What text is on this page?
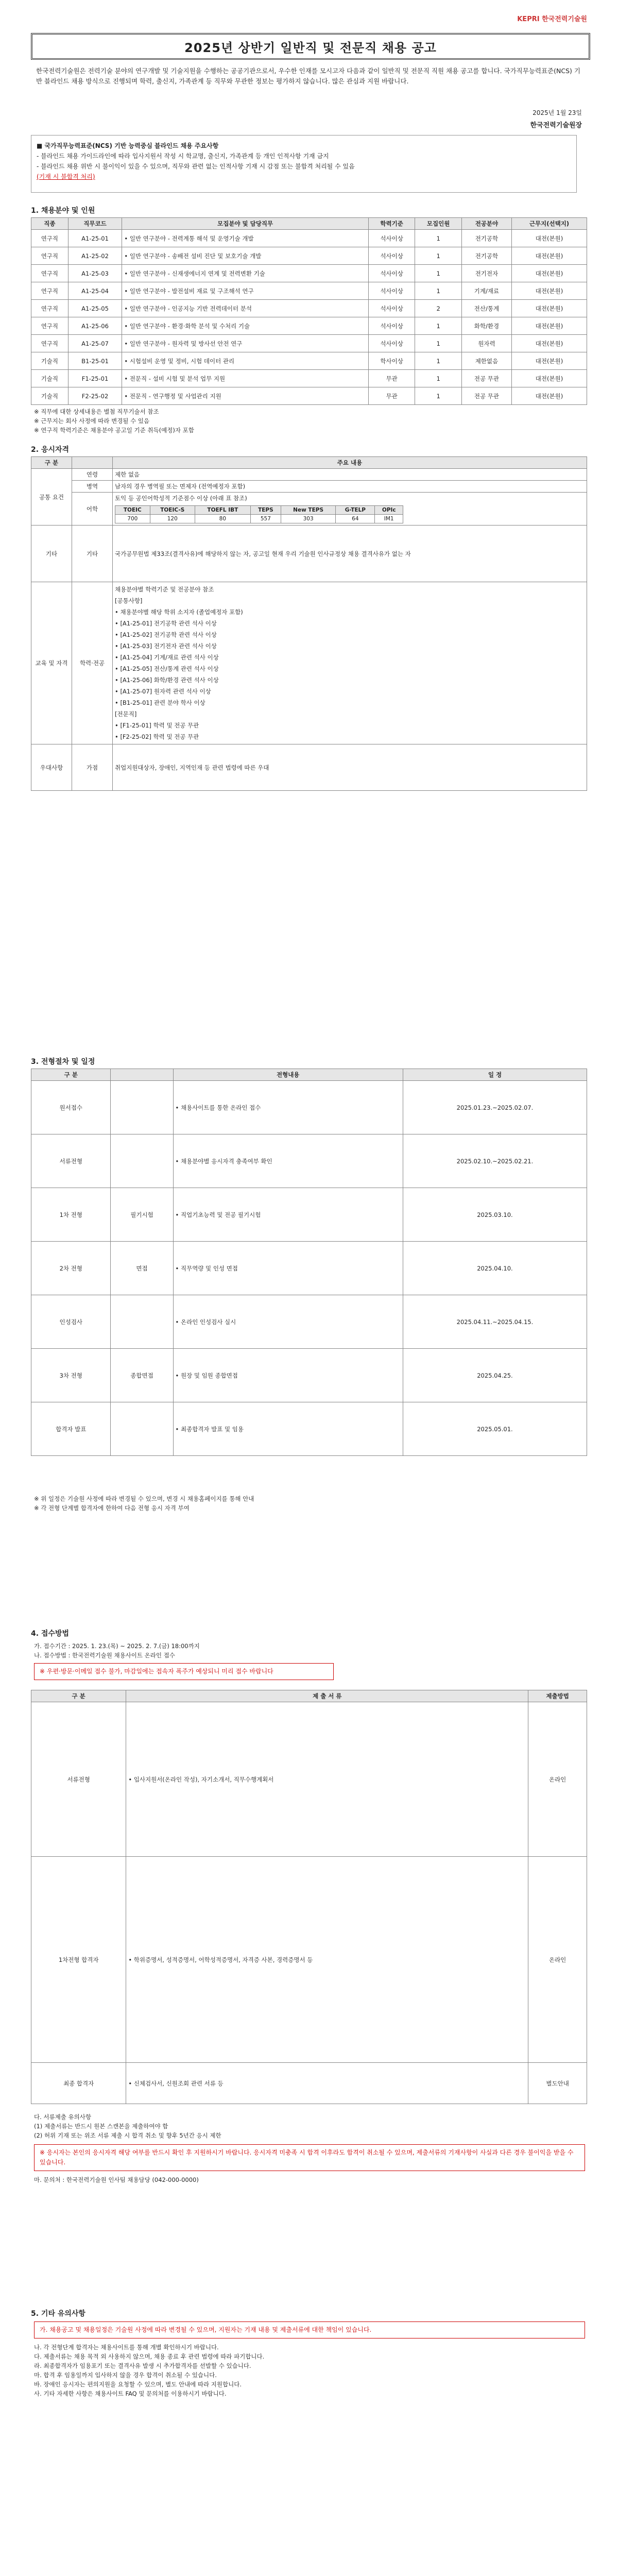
KEPRI 한국전력기술원
2025년 상반기 일반직 및 전문직 채용 공고
한국전력기술원은 전력기술 분야의 연구개발 및 기술지원을 수행하는 공공기관으로서, 우수한 인재를 모시고자 다음과 같이 일반직 및 전문직 직원 채용 공고를 합니다. 국가직무능력표준(NCS) 기반 블라인드 채용 방식으로 진행되며 학력, 출신지, 가족관계 등 직무와 무관한 정보는 평가하지 않습니다. 많은 관심과 지원 바랍니다.
2025년 1월 23일
한국전력기술원장
■ 국가직무능력표준(NCS) 기반 능력중심 블라인드 채용 주요사항
- 블라인드 채용 가이드라인에 따라 입사지원서 작성 시 학교명, 출신지, 가족관계 등 개인 인적사항 기재 금지
- 블라인드 채용 위반 시 불이익이 있을 수 있으며, 직무와 관련 없는 인적사항 기재 시 감점 또는 불합격 처리될 수 있음
(기재 시 불합격 처리)
1. 채용분야 및 인원
직종	직무코드	모집분야 및 담당직무	학력기준	모집인원	전공분야	근무지(선택지)
연구직	A1-25-01	• 일반 연구분야 - 전력계통 해석 및 운영기술 개발	석사이상	1	전기공학	대전(본원)
연구직	A1-25-02	• 일반 연구분야 - 송배전 설비 진단 및 보호기술 개발	석사이상	1	전기공학	대전(본원)
연구직	A1-25-03	• 일반 연구분야 - 신재생에너지 연계 및 전력변환 기술	석사이상	1	전기전자	대전(본원)
연구직	A1-25-04	• 일반 연구분야 - 발전설비 재료 및 구조해석 연구	석사이상	1	기계/재료	대전(본원)
연구직	A1-25-05	• 일반 연구분야 - 인공지능 기반 전력데이터 분석	석사이상	2	전산/통계	대전(본원)
연구직	A1-25-06	• 일반 연구분야 - 환경·화학 분석 및 수처리 기술	석사이상	1	화학/환경	대전(본원)
연구직	A1-25-07	• 일반 연구분야 - 원자력 및 방사선 안전 연구	석사이상	1	원자력	대전(본원)
기술직	B1-25-01	• 시험설비 운영 및 정비, 시험 데이터 관리	학사이상	1	제한없음	대전(본원)
기술직	F1-25-01	• 전문직 - 설비 시험 및 분석 업무 지원	무관	1	전공 무관	대전(본원)
기술직	F2-25-02	• 전문직 - 연구행정 및 사업관리 지원	무관	1	전공 무관	대전(본원)
※ 직무에 대한 상세내용은 별첨 직무기술서 참조
※ 근무지는 회사 사정에 따라 변경될 수 있음
※ 연구직 학력기준은 채용분야 공고일 기준 취득(예정)자 포함
2. 응시자격
구 분		주요 내용
공통 요건	연령	제한 없음
병역	남자의 경우 병역필 또는 면제자 (전역예정자 포함)
어학	
토익 등 공인어학성적 기준점수 이상 (아래 표 참조)
TOEIC	TOEIC-S	TOEFL IBT	TEPS	New TEPS	G-TELP	OPIc
700	120	80	557	303	64	IM1

기타	기타	국가공무원법 제33조(결격사유)에 해당하지 않는 자, 공고일 현재 우리 기술원 인사규정상 채용 결격사유가 없는 자
교육 및 자격	학력·전공	
채용분야별 학력기준 및 전공분야 참조
[공통사항]
• 채용분야별 해당 학위 소지자 (졸업예정자 포함)
• [A1-25-01] 전기공학 관련 석사 이상
• [A1-25-02] 전기공학 관련 석사 이상
• [A1-25-03] 전기전자 관련 석사 이상
• [A1-25-04] 기계/재료 관련 석사 이상
• [A1-25-05] 전산/통계 관련 석사 이상
• [A1-25-06] 화학/환경 관련 석사 이상
• [A1-25-07] 원자력 관련 석사 이상
• [B1-25-01] 관련 분야 학사 이상
[전문직]
• [F1-25-01] 학력 및 전공 무관
• [F2-25-02] 학력 및 전공 무관

우대사항	가점	취업지원대상자, 장애인, 지역인재 등 관련 법령에 따른 우대
3. 전형절차 및 일정
구 분		전형내용	일 정
원서접수		• 채용사이트를 통한 온라인 접수	2025.01.23.~2025.02.07.
서류전형		• 채용분야별 응시자격 충족여부 확인	2025.02.10.~2025.02.21.
1차 전형	필기시험	• 직업기초능력 및 전공 필기시험	2025.03.10.
2차 전형	면접	• 직무역량 및 인성 면접	2025.04.10.
인성검사		• 온라인 인성검사 실시	2025.04.11.~2025.04.15.
3차 전형	종합면접	• 원장 및 임원 종합면접	2025.04.25.
합격자 발표		• 최종합격자 발표 및 임용	2025.05.01.
※ 위 일정은 기술원 사정에 따라 변경될 수 있으며, 변경 시 채용홈페이지를 통해 안내
※ 각 전형 단계별 합격자에 한하여 다음 전형 응시 자격 부여
4. 접수방법
가. 접수기간 : 2025. 1. 23.(목) ~ 2025. 2. 7.(금) 18:00까지
나. 접수방법 : 한국전력기술원 채용사이트 온라인 접수
※ 우편·방문·이메일 접수 불가, 마감일에는 접속자 폭주가 예상되니 미리 접수 바랍니다
구 분	제 출 서 류	제출방법
서류전형	• 입사지원서(온라인 작성), 자기소개서, 직무수행계획서	온라인
1차전형 합격자	• 학위증명서, 성적증명서, 어학성적증명서, 자격증 사본, 경력증명서 등	온라인
최종 합격자	• 신체검사서, 신원조회 관련 서류 등	별도안내
다. 서류제출 유의사항
(1) 제출서류는 반드시 원본 스캔본을 제출하여야 함
(2) 허위 기재 또는 위조 서류 제출 시 합격 취소 및 향후 5년간 응시 제한
※ 응시자는 본인의 응시자격 해당 여부를 반드시 확인 후 지원하시기 바랍니다. 응시자격 미충족 시 합격 이후라도 합격이 취소될 수 있으며, 제출서류의 기재사항이 사실과 다른 경우 불이익을 받을 수 있습니다.
마. 문의처 : 한국전력기술원 인사팀 채용담당 (042-000-0000)
5. 기타 유의사항
가. 채용공고 및 채용일정은 기술원 사정에 따라 변경될 수 있으며, 지원자는 기재 내용 및 제출서류에 대한 책임이 있습니다.
나. 각 전형단계 합격자는 채용사이트를 통해 개별 확인하시기 바랍니다.
다. 제출서류는 채용 목적 외 사용하지 않으며, 채용 종료 후 관련 법령에 따라 파기합니다.
라. 최종합격자가 임용포기 또는 결격사유 발생 시 추가합격자를 선발할 수 있습니다.
마. 합격 후 임용일까지 입사하지 않을 경우 합격이 취소될 수 있습니다.
바. 장애인 응시자는 편의지원을 요청할 수 있으며, 별도 안내에 따라 지원합니다.
사. 기타 자세한 사항은 채용사이트 FAQ 및 문의처를 이용하시기 바랍니다.
